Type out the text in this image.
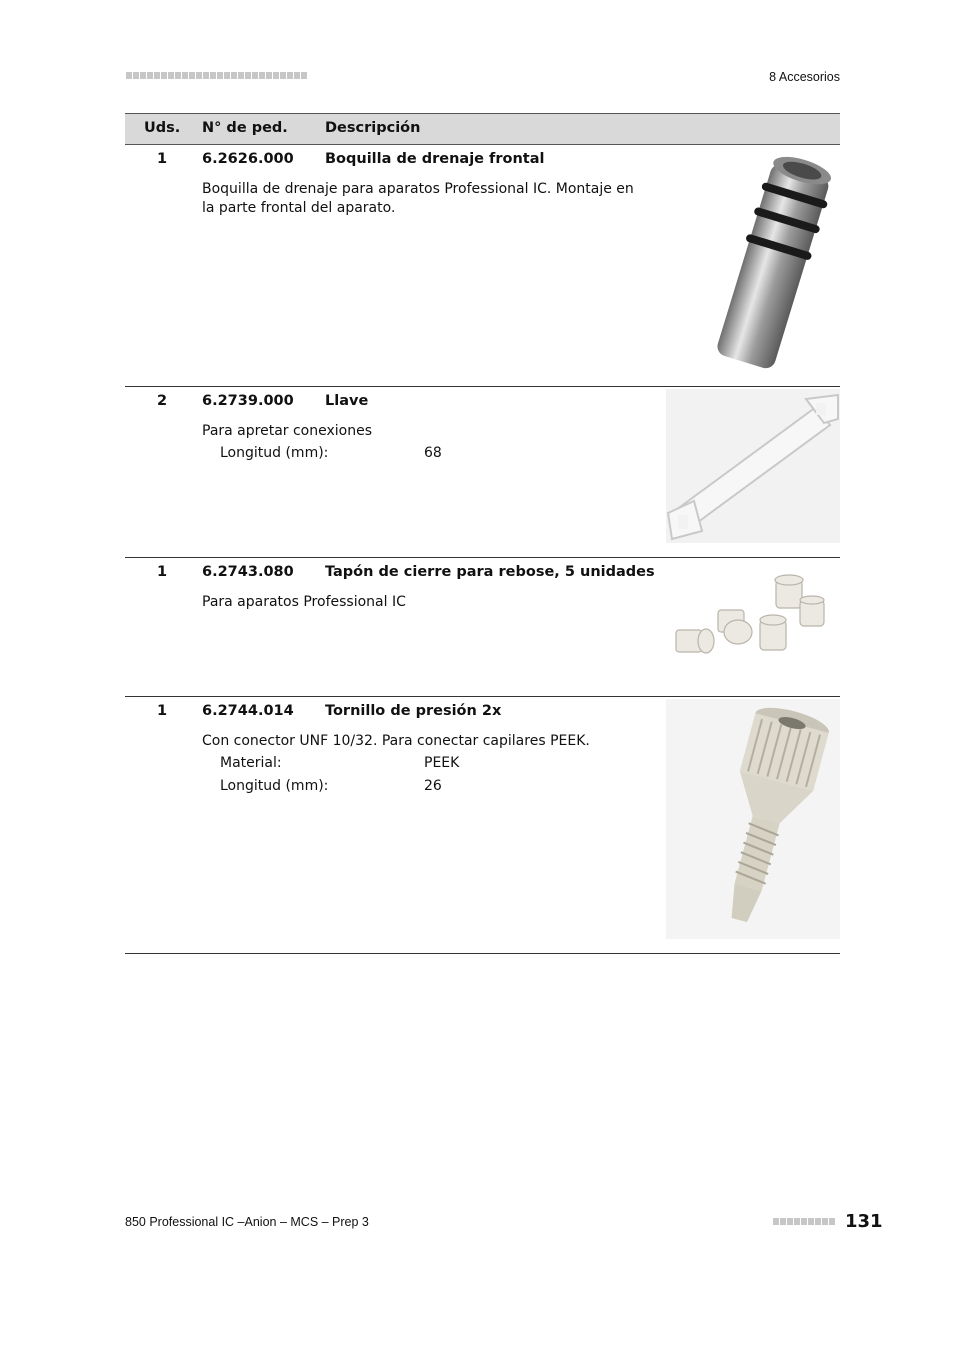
8 Accesorios
Uds. N° de ped.	Descripción
1 6.2626.000 Boquilla de drenaje frontal
Boquilla de drenaje para aparatos Professional IC. Montaje en la parte frontal del aparato.
2 6.2739.000 Llave
Para apretar conexiones
Longitud (mm):	68
1 6.2743.080 Tapón de cierre para rebose, 5 unidades
Para aparatos Professional IC
1 6.2744.014 Tornillo de presión 2x
Con conector UNF 10/32. Para conectar capilares PEEK.
Material:	PEEK
Longitud (mm):	26
850 Professional IC –Anion – MCS – Prep 3	131
